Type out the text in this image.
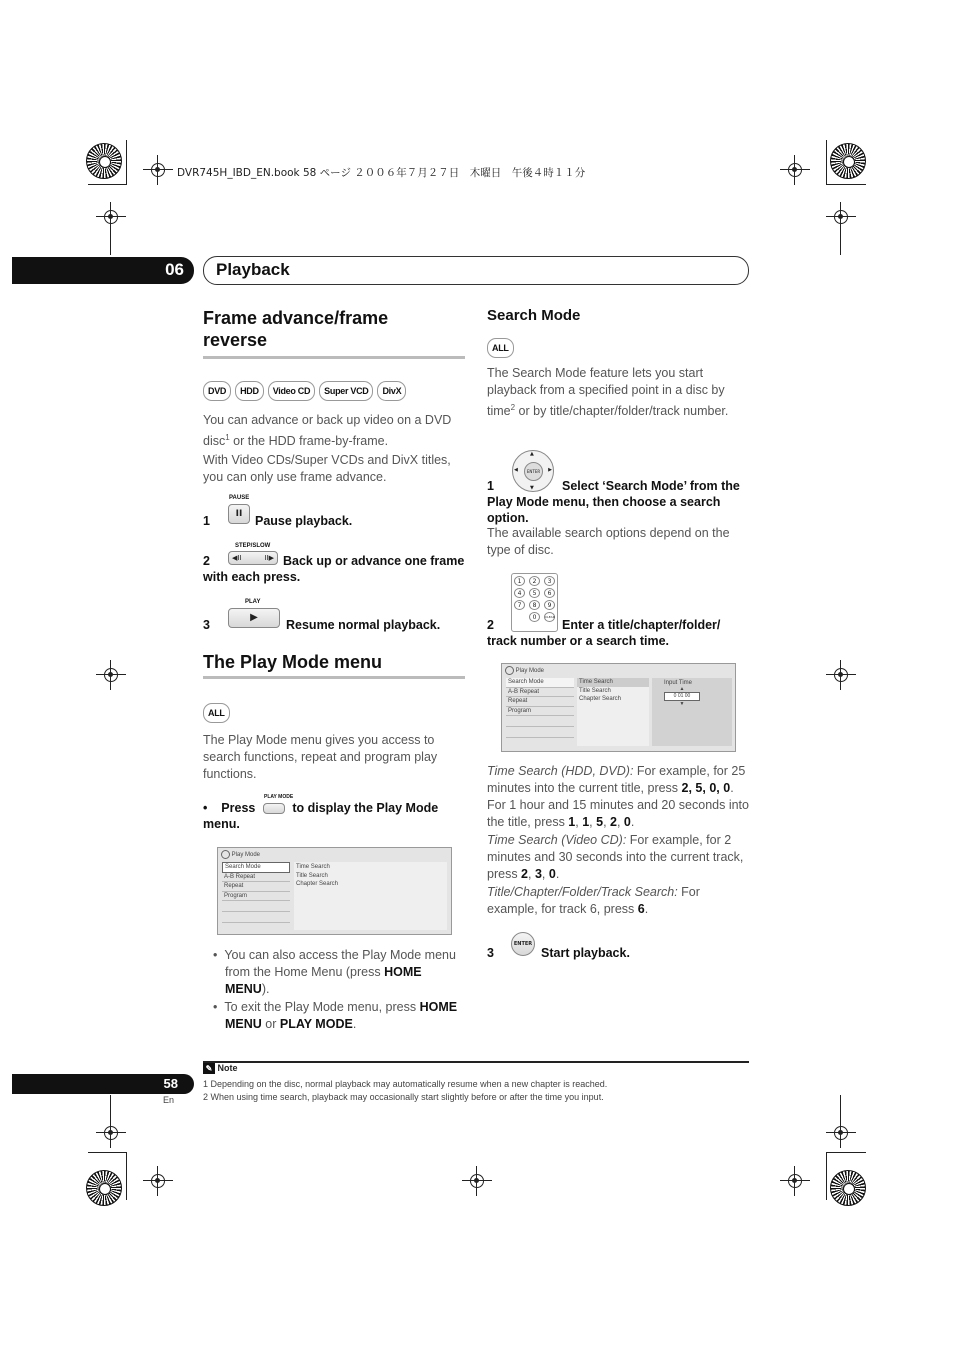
DVR745H_IBD_EN.book 58 ページ ２００６年７月２７日　木曜日　午後４時１１分
06 Playback
Frame advance/frame reverse
DVD HDD Video CD Super VCD DivX
You can advance or back up video on a DVD disc$^1$ or the HDD frame-by-frame.
With Video CDs/Super VCDs and DivX titles, you can only use frame advance.
PAUSE
II
1	Pause playback.
STEP/SLOW
◀II	II▶
2	Back up or advance one frame with each press.
PLAY
▶
3	Resume normal playback.
The Play Mode menu
ALL
The Play Mode menu gives you access to search functions, repeat and program play functions.
• Press	to display the Play Mode menu.
PLAY MODE
Play Mode
Search Mode
A-B Repeat
Repeat
Program
Time Search
Title Search
Chapter Search
•  You can also access the Play Mode menu from the Home Menu (press HOME MENU).
•  To exit the Play Mode menu, press HOME MENU or PLAY MODE.
Search Mode
ALL
The Search Mode feature lets you start playback from a specified point in a disc by time$^2$ or by title/chapter/folder/track number.
ENTER
▲
▼
◀	▶
1	Select ‘Search Mode’ from the Play Mode menu, then choose a search option.
The available search options depend on the type of disc.
1	2	3
4	5	6
7	8	9
0	CLEAR
2	Enter a title/chapter/folder/ track number or a search time.
Play Mode
Search Mode
A-B Repeat
Repeat
Program
Time Search
Title Search
Chapter Search
Input Time
▲
0 01 00
▼
Time Search (HDD, DVD): For example, for 25 minutes into the current title, press 2, 5, 0, 0. For 1 hour and 15 minutes and 20 seconds into the title, press 1, 1, 5, 2, 0.
Time Search (Video CD): For example, for 2 minutes and 30 seconds into the current track, press 2, 3, 0.
Title/Chapter/Folder/Track Search: For example, for track 6, press 6.
3
ENTER
Start playback.
✎ Note
1 Depending on the disc, normal playback may automatically resume when a new chapter is reached.
2 When using time search, playback may occasionally start slightly before or after the time you input.
58
En
